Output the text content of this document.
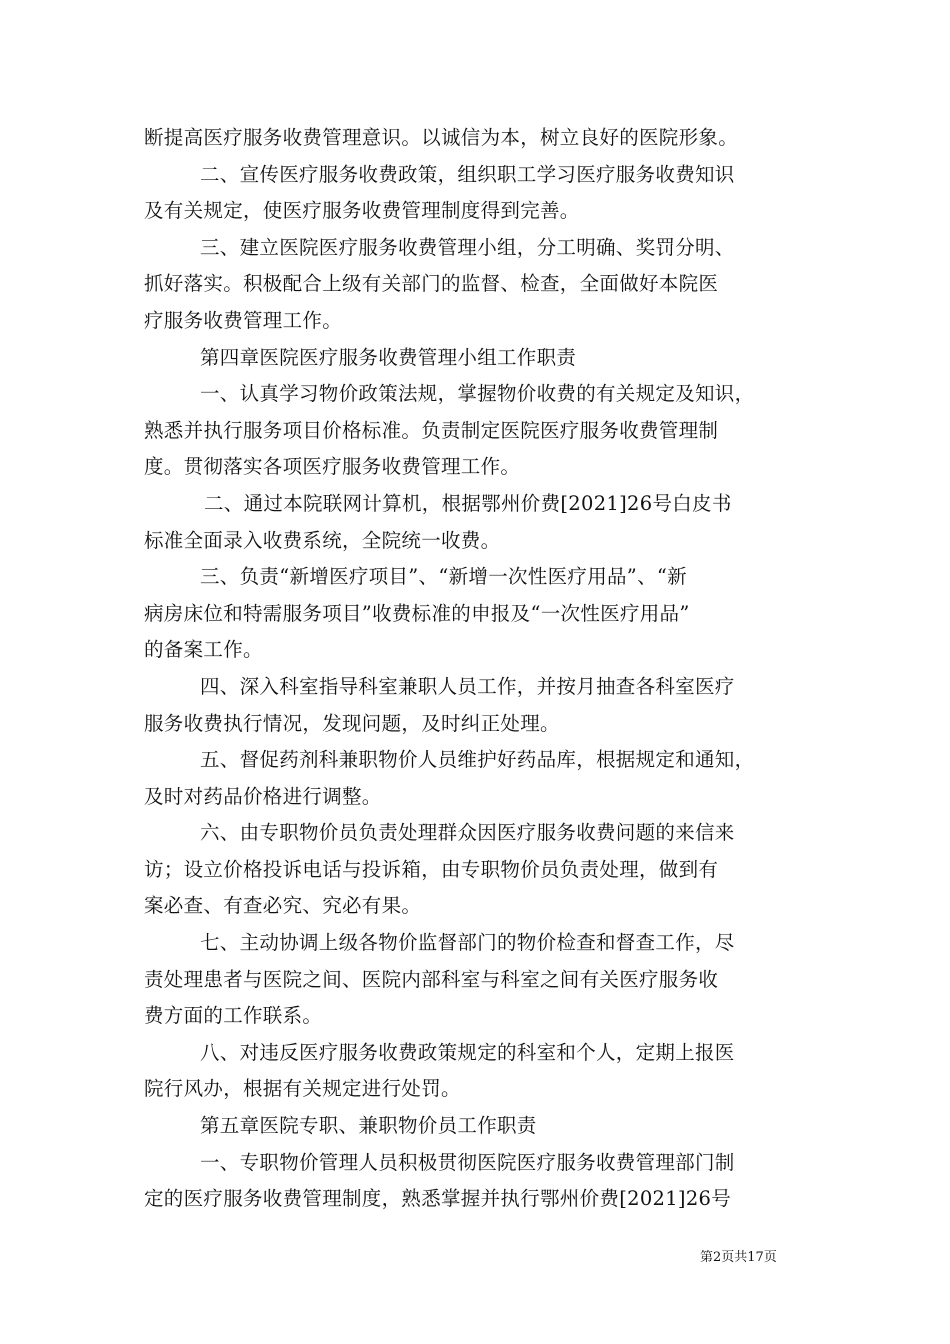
断提高医疗服务收费管理意识。以诚信为本，树立良好的医院形象。
二、宣传医疗服务收费政策，组织职工学习医疗服务收费知识
及有关规定，使医疗服务收费管理制度得到完善。
三、建立医院医疗服务收费管理小组，分工明确、奖罚分明、
抓好落实。积极配合上级有关部门的监督、检查，全面做好本院医
疗服务收费管理工作。
第四章医院医疗服务收费管理小组工作职责
一、认真学习物价政策法规，掌握物价收费的有关规定及知识，
熟悉并执行服务项目价格标准。负责制定医院医疗服务收费管理制
度。贯彻落实各项医疗服务收费管理工作。
二、通过本院联网计算机，根据鄂州价费[2021]26号白皮书
标准全面录入收费系统，全院统一收费。
三、负责“新增医疗项目”、“新增一次性医疗用品”、“新
病房床位和特需服务项目”收费标准的申报及“一次性医疗用品”
的备案工作。
四、深入科室指导科室兼职人员工作，并按月抽查各科室医疗
服务收费执行情况，发现问题，及时纠正处理。
五、督促药剂科兼职物价人员维护好药品库，根据规定和通知，
及时对药品价格进行调整。
六、由专职物价员负责处理群众因医疗服务收费问题的来信来
访；设立价格投诉电话与投诉箱，由专职物价员负责处理，做到有
案必查、有查必究、究必有果。
七、主动协调上级各物价监督部门的物价检查和督查工作，尽
责处理患者与医院之间、医院内部科室与科室之间有关医疗服务收
费方面的工作联系。
八、对违反医疗服务收费政策规定的科室和个人，定期上报医
院行风办，根据有关规定进行处罚。
第五章医院专职、兼职物价员工作职责
一、专职物价管理人员积极贯彻医院医疗服务收费管理部门制
定的医疗服务收费管理制度，熟悉掌握并执行鄂州价费[2021]26号
第2页共17页
